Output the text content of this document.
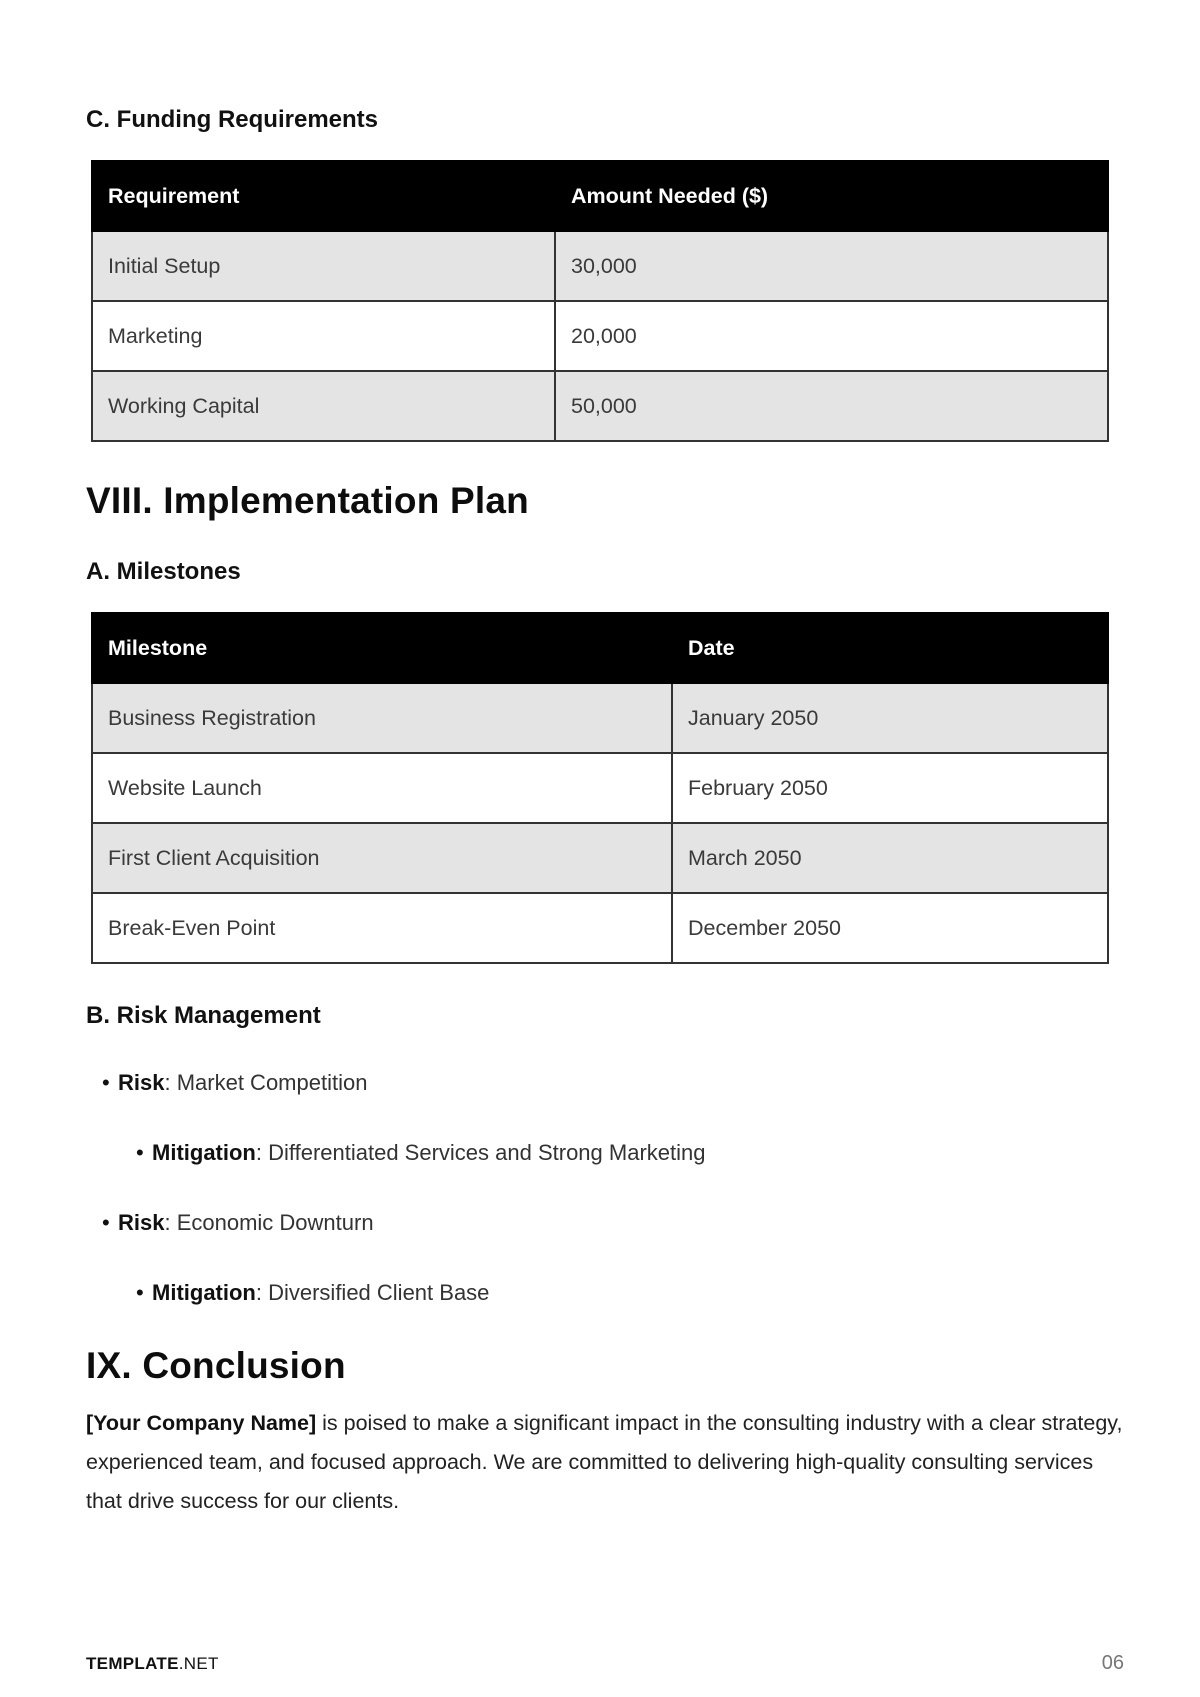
C. Funding Requirements
Requirement	Amount Needed ($)
Initial Setup	30,000
Marketing	20,000
Working Capital	50,000
VIII. Implementation Plan
A. Milestones
Milestone	Date
Business Registration	January 2050
Website Launch	February 2050
First Client Acquisition	March 2050
Break-Even Point	December 2050
B. Risk Management
• Risk: Market Competition
• Mitigation: Differentiated Services and Strong Marketing
• Risk: Economic Downturn
• Mitigation: Diversified Client Base
IX. Conclusion

[Your Company Name] is poised to make a significant impact in the consulting industry with a clear strategy, experienced team, and focused approach. We are committed to delivering high-quality consulting services that drive success for our clients.

TEMPLATE.NET	06
